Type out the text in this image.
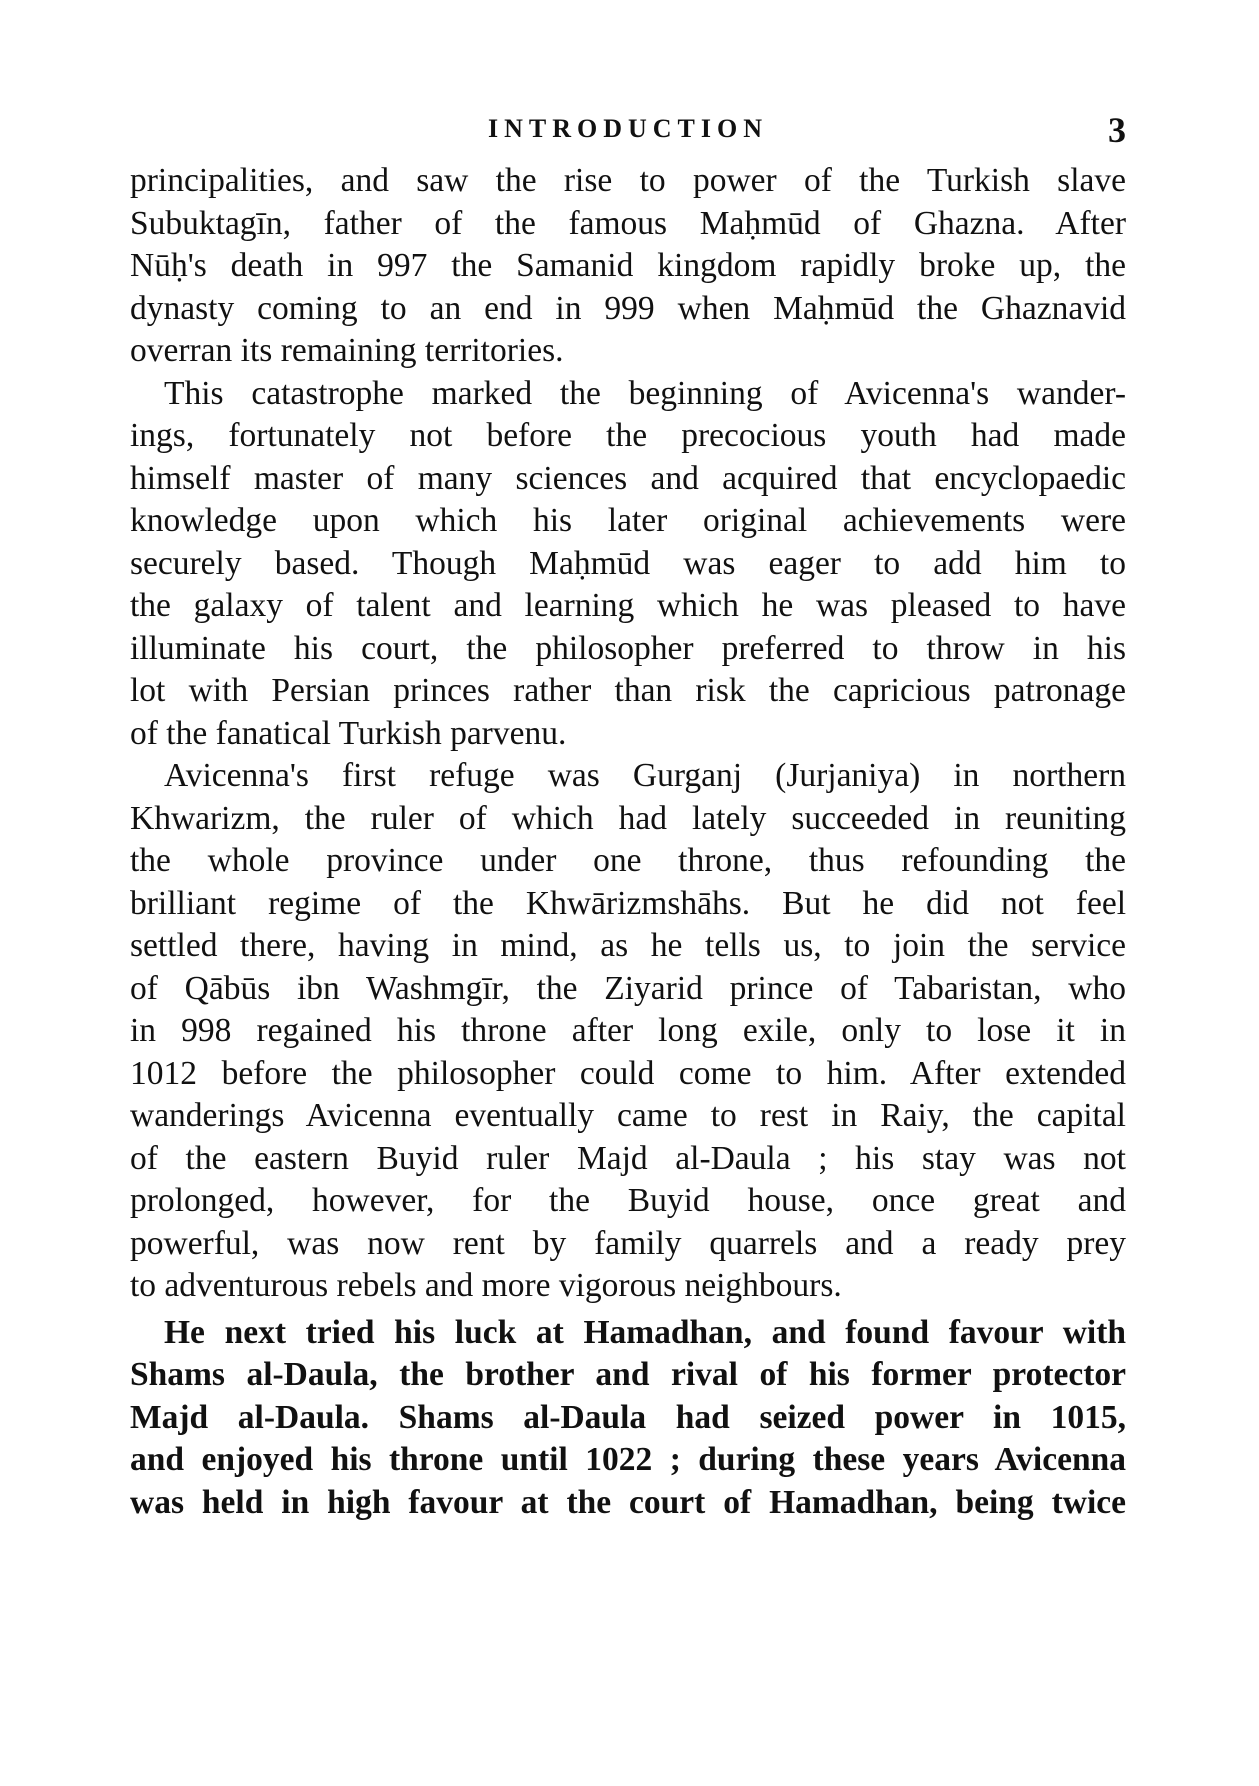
INTRODUCTION	3

principalities, and saw the rise to power of the Turkish slave
Subuktagīn, father of the famous Maḥmūd of Ghazna. After
Nūḥ's death in 997 the Samanid kingdom rapidly broke up, the
dynasty coming to an end in 999 when Maḥmūd the Ghaznavid
overran its remaining territories.

This catastrophe marked the beginning of Avicenna's wander-
ings, fortunately not before the precocious youth had made
himself master of many sciences and acquired that encyclopaedic
knowledge upon which his later original achievements were
securely based. Though Maḥmūd was eager to add him to
the galaxy of talent and learning which he was pleased to have
illuminate his court, the philosopher preferred to throw in his
lot with Persian princes rather than risk the capricious patronage
of the fanatical Turkish parvenu.

Avicenna's first refuge was Gurganj (Jurjaniya) in northern
Khwarizm, the ruler of which had lately succeeded in reuniting
the whole province under one throne, thus refounding the
brilliant regime of the Khwārizmshāhs. But he did not feel
settled there, having in mind, as he tells us, to join the service
of Qābūs ibn Washmgīr, the Ziyarid prince of Tabaristan, who
in 998 regained his throne after long exile, only to lose it in
1012 before the philosopher could come to him. After extended
wanderings Avicenna eventually came to rest in Raiy, the capital
of the eastern Buyid ruler Majd al-Daula ; his stay was not
prolonged, however, for the Buyid house, once great and
powerful, was now rent by family quarrels and a ready prey
to adventurous rebels and more vigorous neighbours.

He next tried his luck at Hamadhan, and found favour with
Shams al-Daula, the brother and rival of his former protector
Majd al-Daula. Shams al-Daula had seized power in 1015,
and enjoyed his throne until 1022 ; during these years Avicenna
was held in high favour at the court of Hamadhan, being twice
